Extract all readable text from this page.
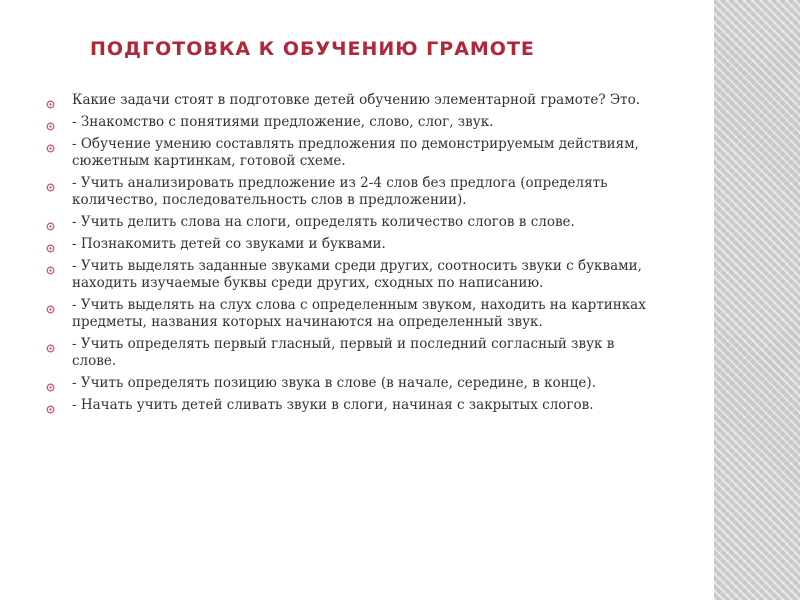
ПОДГОТОВКА К ОБУЧЕНИЮ ГРАМОТЕ
Какие задачи стоят в подготовке детей обучению элементарной грамоте? Это.
- Знакомство с понятиями предложение, слово, слог, звук.
- Обучение умению составлять предложения по демонстрируемым действиям, сюжетным картинкам, готовой схеме.
- Учить анализировать предложение из 2-4 слов без предлога (определять количество, последовательность слов в предложении).
- Учить делить слова на слоги, определять количество слогов в слове.
- Познакомить детей со звуками и буквами.
- Учить выделять заданные звуками среди других, соотносить звуки с буквами, находить изучаемые буквы среди других, сходных по написанию.
- Учить выделять на слух слова с определенным звуком, находить на картинках предметы, названия которых начинаются на определенный звук.
- Учить определять первый гласный, первый и последний согласный звук в слове.
- Учить определять позицию звука в слове (в начале, середине, в конце).
- Начать учить детей сливать звуки в слоги, начиная с закрытых слогов.
